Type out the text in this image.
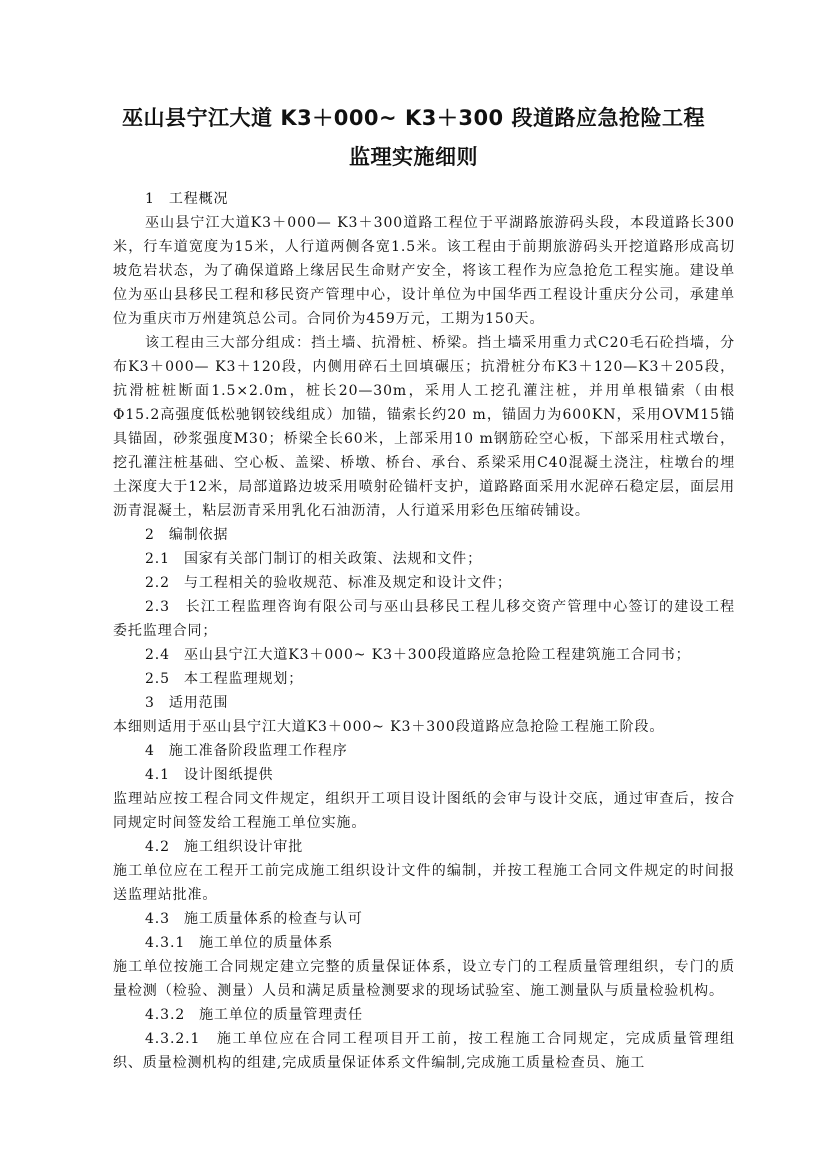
巫山县宁江大道 K3＋000~ K3＋300 段道路应急抢险工程
监理实施细则

1 工程概况

巫山县宁江大道K3＋000— K3＋300道路工程位于平湖路旅游码头段，本段道路长300米，行车道宽度为15米，人行道两侧各宽1.5米。该工程由于前期旅游码头开挖道路形成高切坡危岩状态，为了确保道路上缘居民生命财产安全，将该工程作为应急抢危工程实施。建设单位为巫山县移民工程和移民资产管理中心，设计单位为中国华西工程设计重庆分公司，承建单位为重庆市万州建筑总公司。合同价为459万元，工期为150天。

该工程由三大部分组成：挡土墙、抗滑桩、桥梁。挡土墙采用重力式C20毛石砼挡墙，分布K3＋000— K3＋120段，内侧用碎石土回填碾压；抗滑桩分布K3＋120—K3＋205段，抗滑桩桩断面1.5×2.0m，桩长20—30m，采用人工挖孔灌注桩，并用单根锚索（由根Φ15.2高强度低松驰钢铰线组成）加锚，锚索长约20 m，锚固力为600KN，采用OVM15锚具锚固，砂浆强度M30；桥梁全长60米，上部采用10 m钢筋砼空心板，下部采用柱式墩台，挖孔灌注桩基础、空心板、盖梁、桥墩、桥台、承台、系梁采用C40混凝土浇注，柱墩台的埋土深度大于12米，局部道路边坡采用喷射砼锚杆支护，道路路面采用水泥碎石稳定层，面层用沥青混凝土，粘层沥青采用乳化石油沥清，人行道采用彩色压缩砖铺设。

2 编制依据

2.1 国家有关部门制订的相关政策、法规和文件；

2.2 与工程相关的验收规范、标准及规定和设计文件；

2.3　长江工程监理咨询有限公司与巫山县移民工程儿移交资产管理中心签订的建设工程委托监理合同；

2.4 巫山县宁江大道K3＋000~ K3＋300段道路应急抢险工程建筑施工合同书；

2.5 本工程监理规划；

3 适用范围

本细则适用于巫山县宁江大道K3＋000~ K3＋300段道路应急抢险工程施工阶段。

4 施工准备阶段监理工作程序

4.1 设计图纸提供

监理站应按工程合同文件规定，组织开工项目设计图纸的会审与设计交底，通过审查后，按合同规定时间签发给工程施工单位实施。

4.2 施工组织设计审批

施工单位应在工程开工前完成施工组织设计文件的编制，并按工程施工合同文件规定的时间报送监理站批准。

4.3 施工质量体系的检查与认可

4.3.1 施工单位的质量体系

施工单位按施工合同规定建立完整的质量保证体系，设立专门的工程质量管理组织，专门的质量检测（检验、测量）人员和满足质量检测要求的现场试验室、施工测量队与质量检验机构。

4.3.2 施工单位的质量管理责任

4.3.2.1　施工单位应在合同工程项目开工前，按工程施工合同规定，完成质量管理组织、质量检测机构的组建,完成质量保证体系文件编制,完成施工质量检查员、施工
